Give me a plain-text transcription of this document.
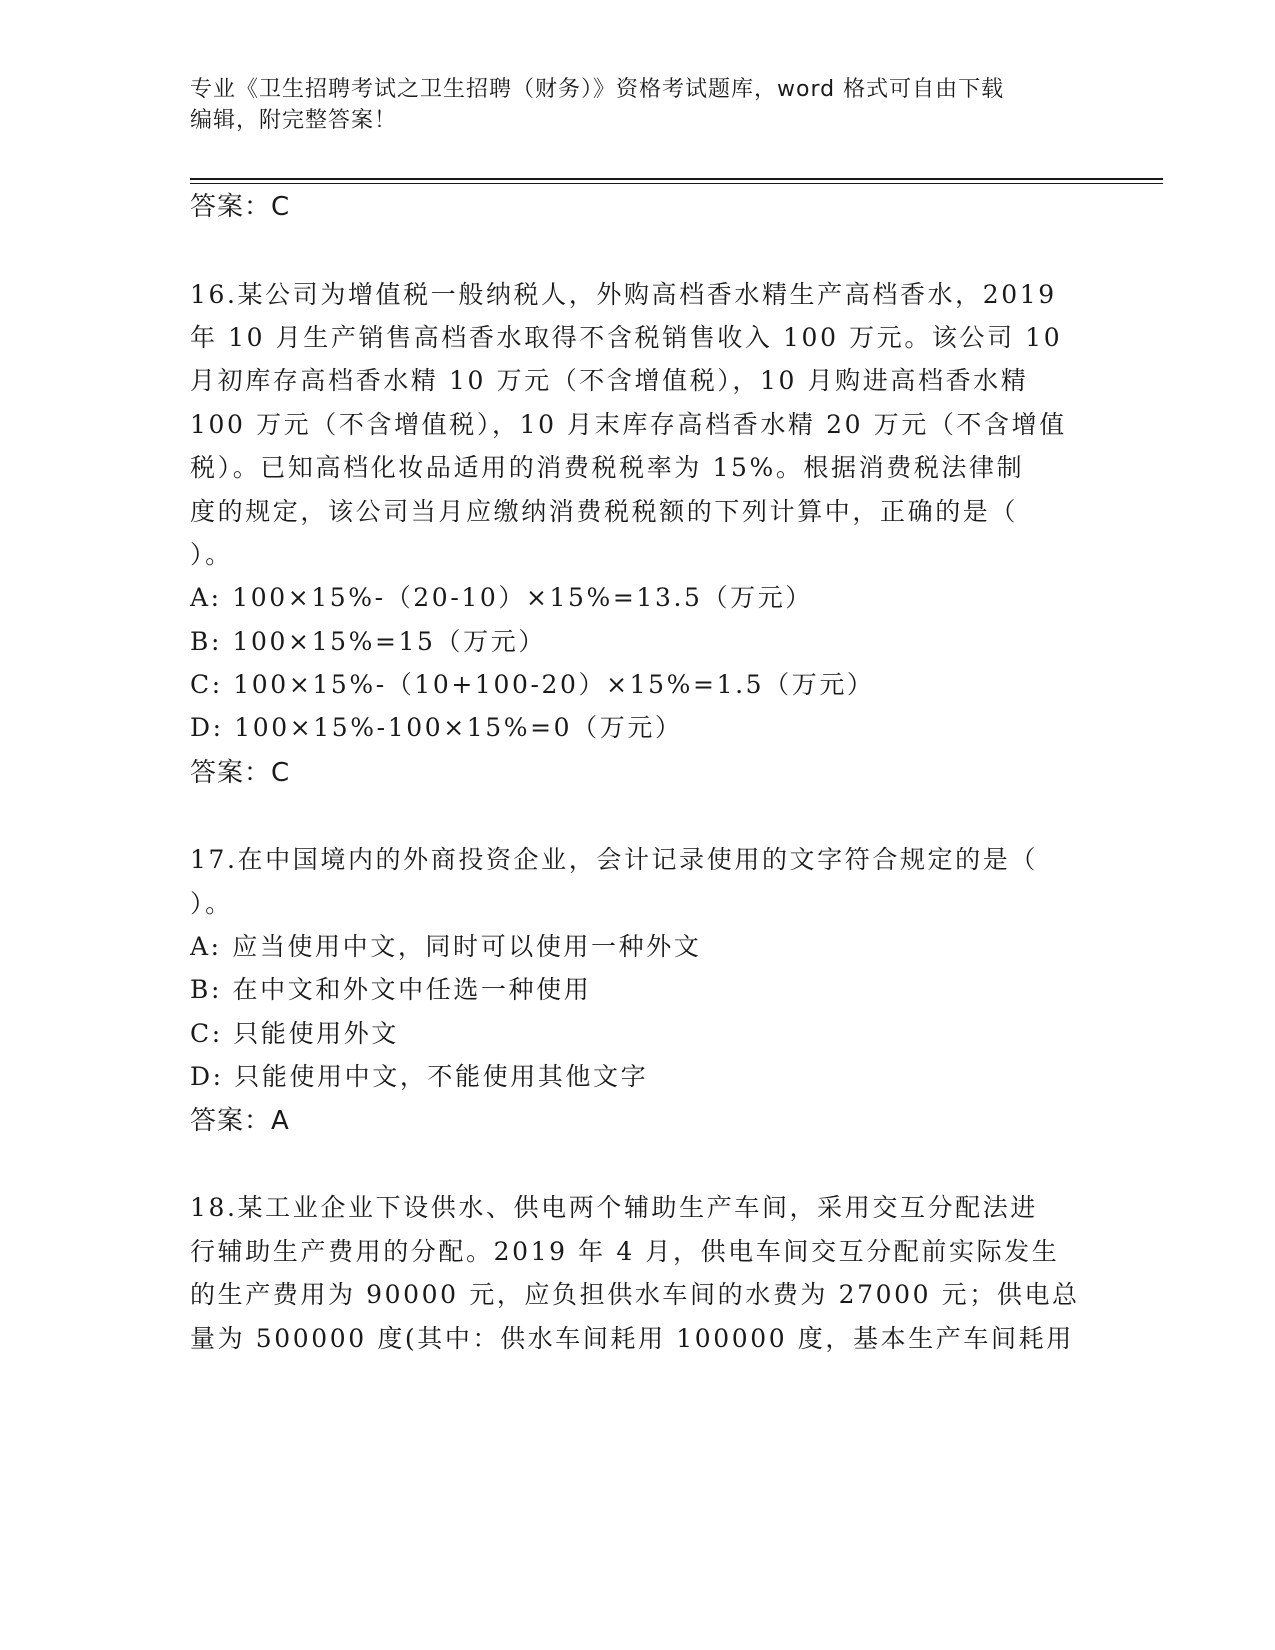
专业《卫生招聘考试之卫生招聘（财务）》资格考试题库，word 格式可自由下载
编辑，附完整答案！
答案：C
16.某公司为增值税一般纳税人，外购高档香水精生产高档香水，2019
年 10 月生产销售高档香水取得不含税销售收入 100 万元。该公司 10
月初库存高档香水精 10 万元（不含增值税），10 月购进高档香水精
100 万元（不含增值税），10 月末库存高档香水精 20 万元（不含增值
税）。已知高档化妆品适用的消费税税率为 15%。根据消费税法律制
度的规定，该公司当月应缴纳消费税税额的下列计算中，正确的是（
）。
A: 100×15%-（20-10）×15%=13.5（万元）
B: 100×15%=15（万元）
C: 100×15%-（10+100-20）×15%=1.5（万元）
D: 100×15%-100×15%=0（万元）
答案：C
17.在中国境内的外商投资企业，会计记录使用的文字符合规定的是（
）。
A: 应当使用中文，同时可以使用一种外文
B: 在中文和外文中任选一种使用
C: 只能使用外文
D: 只能使用中文，不能使用其他文字
答案：A
18.某工业企业下设供水、供电两个辅助生产车间，采用交互分配法进
行辅助生产费用的分配。2019 年 4 月，供电车间交互分配前实际发生
的生产费用为 90000 元，应负担供水车间的水费为 27000 元；供电总
量为 500000 度(其中：供水车间耗用 100000 度，基本生产车间耗用
